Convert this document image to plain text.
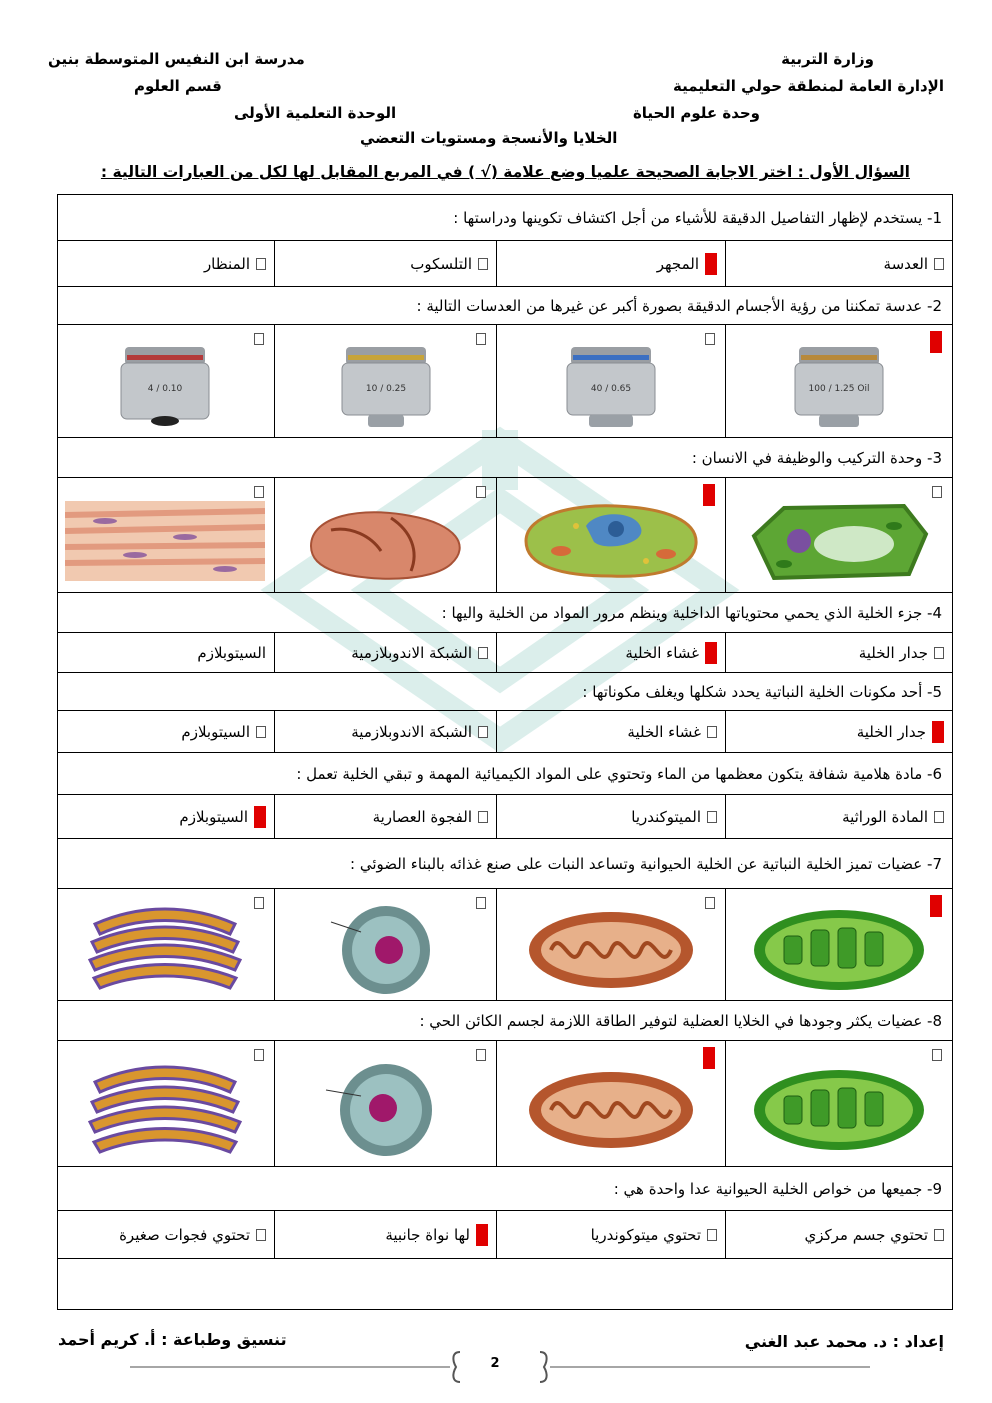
وزارة التربية
الإدارة العامة لمنطقة حولي التعليمية
وحدة علوم الحياة
مدرسة ابن النفيس المتوسطة بنين
قسم العلوم
الوحدة التعلمية الأولى
الخلايا والأنسجة ومستويات التعضي
السؤال الأول : اختر الاجابة الصحيحة علميا وضع علامة (√ ) في المربع المقابل لها لكل من العبارات التالية :
1- يستخدم لإظهار التفاصيل الدقيقة للأشياء من أجل اكتشاف تكوينها ودراستها :
العدسة
المجهر
التلسكوب
المنظار
2- عدسة تمكننا من رؤية الأجسام الدقيقة بصورة أكبر عن غيرها من العدسات التالية :
100 / 1.25 Oil
40 / 0.65
10 / 0.25
4 / 0.10
3- وحدة التركيب والوظيفة في الانسان :
4- جزء الخلية الذي يحمي محتوياتها الداخلية وينظم مرور المواد من الخلية واليها :
جدار الخلية
غشاء الخلية
الشبكة الاندوبلازمية
السيتوبلازم
5- أحد مكونات الخلية النباتية يحدد شكلها ويغلف مكوناتها :
جدار الخلية
غشاء الخلية
الشبكة الاندوبلازمية
السيتوبلازم
6- مادة هلامية شفافة يتكون معظمها من الماء وتحتوي على المواد الكيميائية المهمة و تبقي الخلية تعمل :
المادة الوراثية
الميتوكندريا
الفجوة العصارية
السيتوبلازم
7- عضيات تميز الخلية النباتية عن الخلية الحيوانية وتساعد النبات على صنع غذائه بالبناء الضوئي :
8- عضيات يكثر وجودها في الخلايا العضلية لتوفير الطاقة اللازمة لجسم الكائن الحي :
9- جميعها من خواص الخلية الحيوانية عدا واحدة هي :
تحتوي جسم مركزي
تحتوي ميتوكوندريا
لها نواة جانبية
تحتوي فجوات صغيرة
إعداد : د. محمد عبد الغني
تنسيق وطباعة : أ. كريم أحمد
2
